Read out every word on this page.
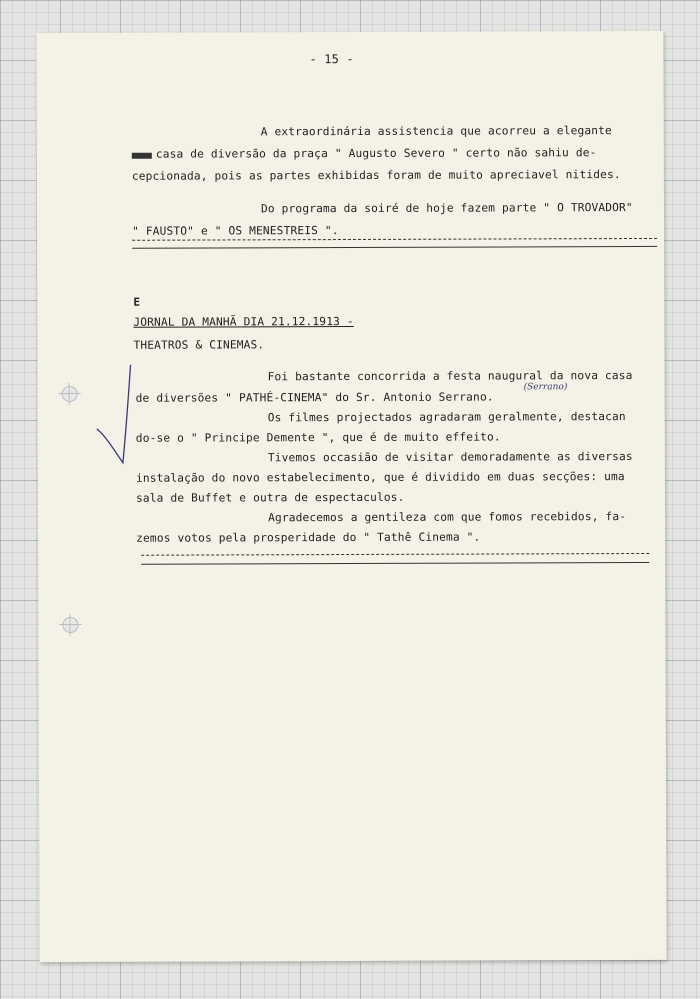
- 15 -
A extraordinária assistencia que acorreu a elegante
casa de diversão da praça " Augusto Severo " certo não sahiu de-
cepcionada, pois as partes exhibidas foram de muito apreciavel nitides.
Do programa da soiré de hoje fazem parte " O TROVADOR"
" FAUSTO" e " OS MENESTREIS ".
E
JORNAL DA MANHÃ DIA 21.12.1913 -
THEATROS & CINEMAS.
Foi bastante concorrida a festa naugural da nova casa
de diversões " PATHÉ-CINEMA" do Sr. Antonio Serrano.
(Serrano)
Os filmes projectados agradaram geralmente, destacan
do-se o " Principe Demente ", que é de muito effeito.
Tivemos occasião de visitar demoradamente as diversas
instalação do novo estabelecimento, que é dividido em duas secções: uma
sala de Buffet e outra de espectaculos.
Agradecemos a gentileza com que fomos recebidos, fa-
zemos votos pela prosperidade do " Tathê Cinema ".
